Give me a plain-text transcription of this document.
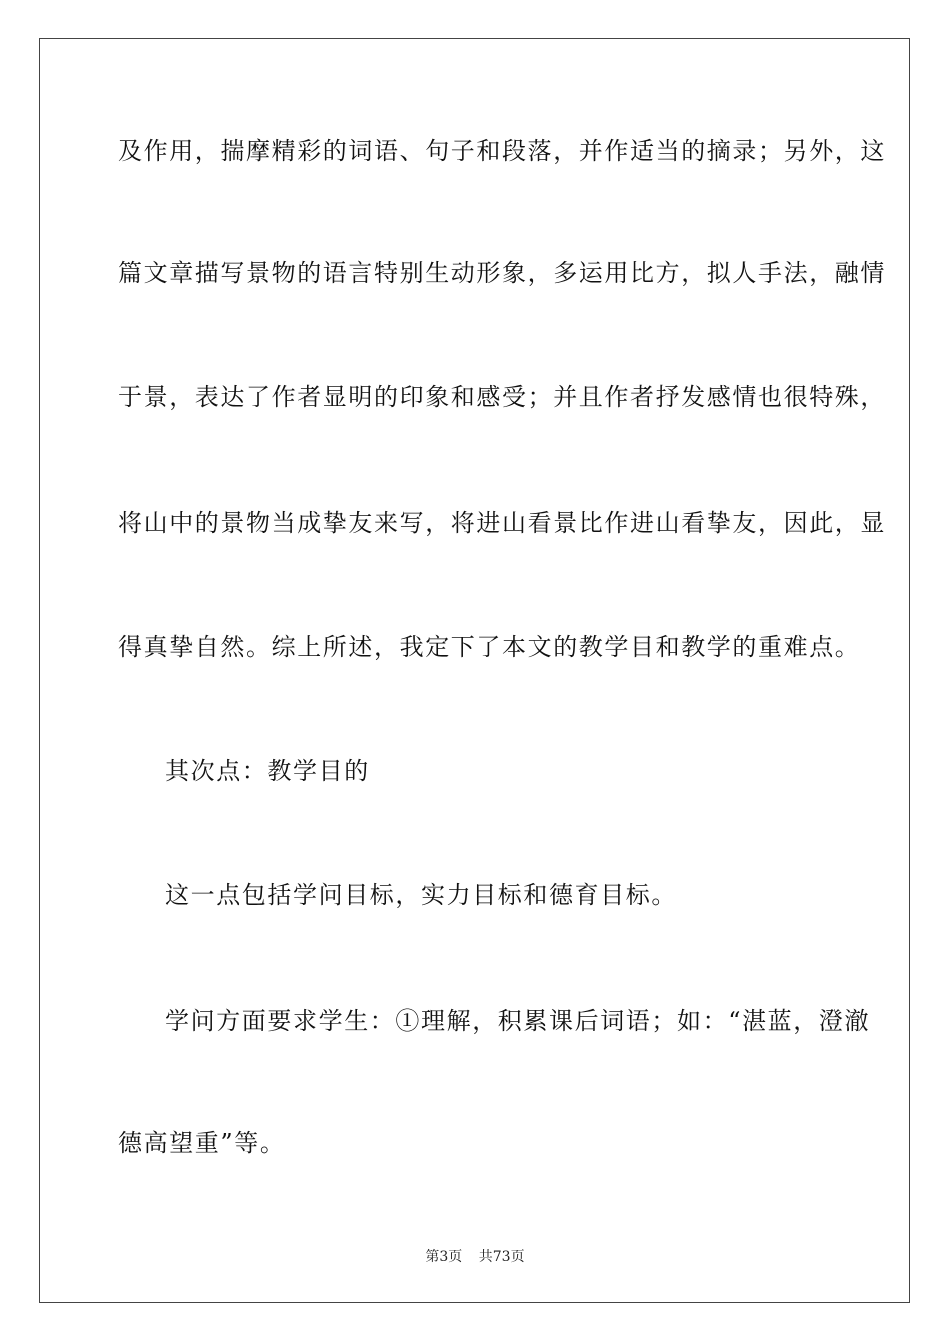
及作用，揣摩精彩的词语、句子和段落，并作适当的摘录；另外，这
篇文章描写景物的语言特别生动形象，多运用比方，拟人手法，融情
于景，表达了作者显明的印象和感受；并且作者抒发感情也很特殊，
将山中的景物当成挚友来写，将进山看景比作进山看挚友，因此，显
得真挚自然。综上所述，我定下了本文的教学目和教学的重难点。
其次点：教学目的
这一点包括学问目标，实力目标和德育目标。
学问方面要求学生：①理解，积累课后词语；如：“湛蓝，澄澈
德高望重”等。
第3页 共73页
